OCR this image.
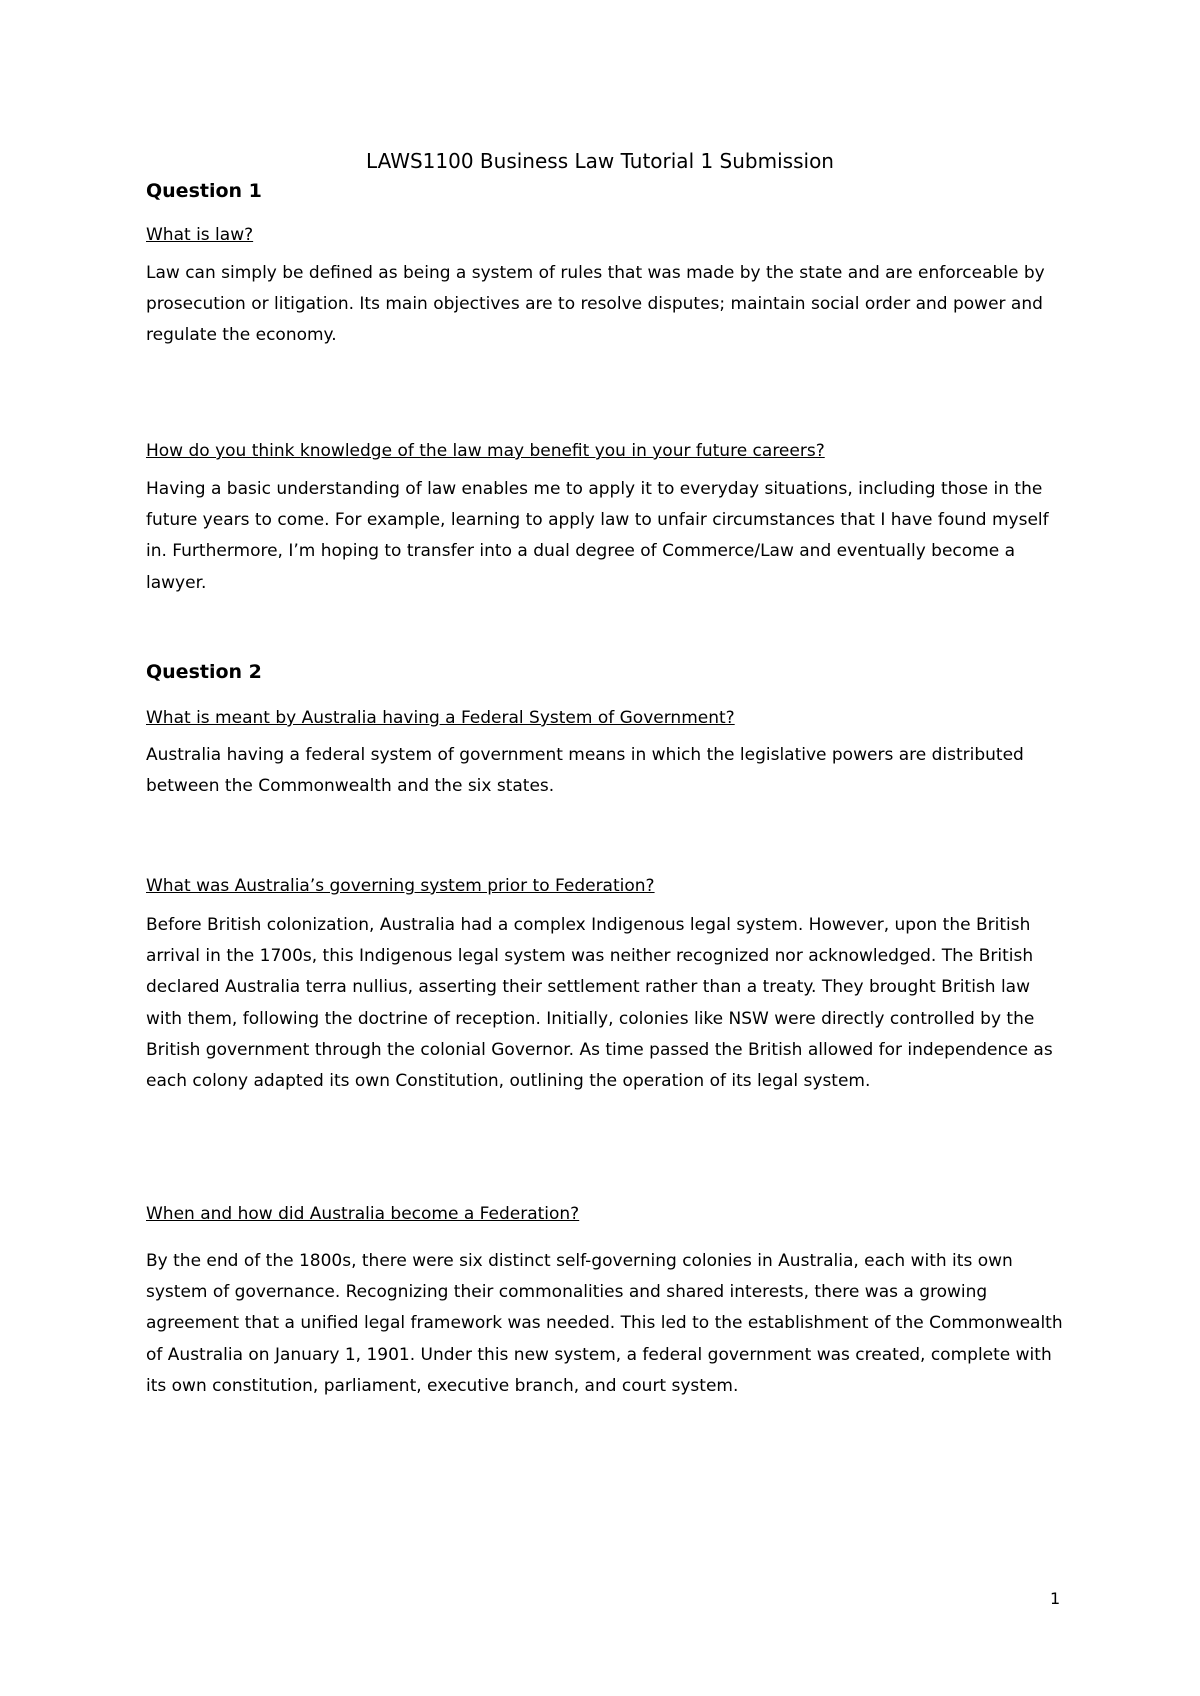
LAWS1100 Business Law Tutorial 1 Submission
Question 1
What is law?

Law can simply be defined as being a system of rules that was made by the state and are enforceable by prosecution or litigation. Its main objectives are to resolve disputes; maintain social order and power and regulate the economy.

How do you think knowledge of the law may benefit you in your future careers?

Having a basic understanding of law enables me to apply it to everyday situations, including those in the future years to come. For example, learning to apply law to unfair circumstances that I have found myself in. Furthermore, I’m hoping to transfer into a dual degree of Commerce/Law and eventually become a lawyer.

Question 2
What is meant by Australia having a Federal System of Government?

Australia having a federal system of government means in which the legislative powers are distributed between the Commonwealth and the six states.

What was Australia’s governing system prior to Federation?

Before British colonization, Australia had a complex Indigenous legal system. However, upon the British arrival in the 1700s, this Indigenous legal system was neither recognized nor acknowledged. The British declared Australia terra nullius, asserting their settlement rather than a treaty. They brought British law with them, following the doctrine of reception. Initially, colonies like NSW were directly controlled by the British government through the colonial Governor. As time passed the British allowed for independence as each colony adapted its own Constitution, outlining the operation of its legal system.

When and how did Australia become a Federation?

By the end of the 1800s, there were six distinct self-governing colonies in Australia, each with its own system of governance. Recognizing their commonalities and shared interests, there was a growing agreement that a unified legal framework was needed. This led to the establishment of the Commonwealth of Australia on January 1, 1901. Under this new system, a federal government was created, complete with its own constitution, parliament, executive branch, and court system.

1
